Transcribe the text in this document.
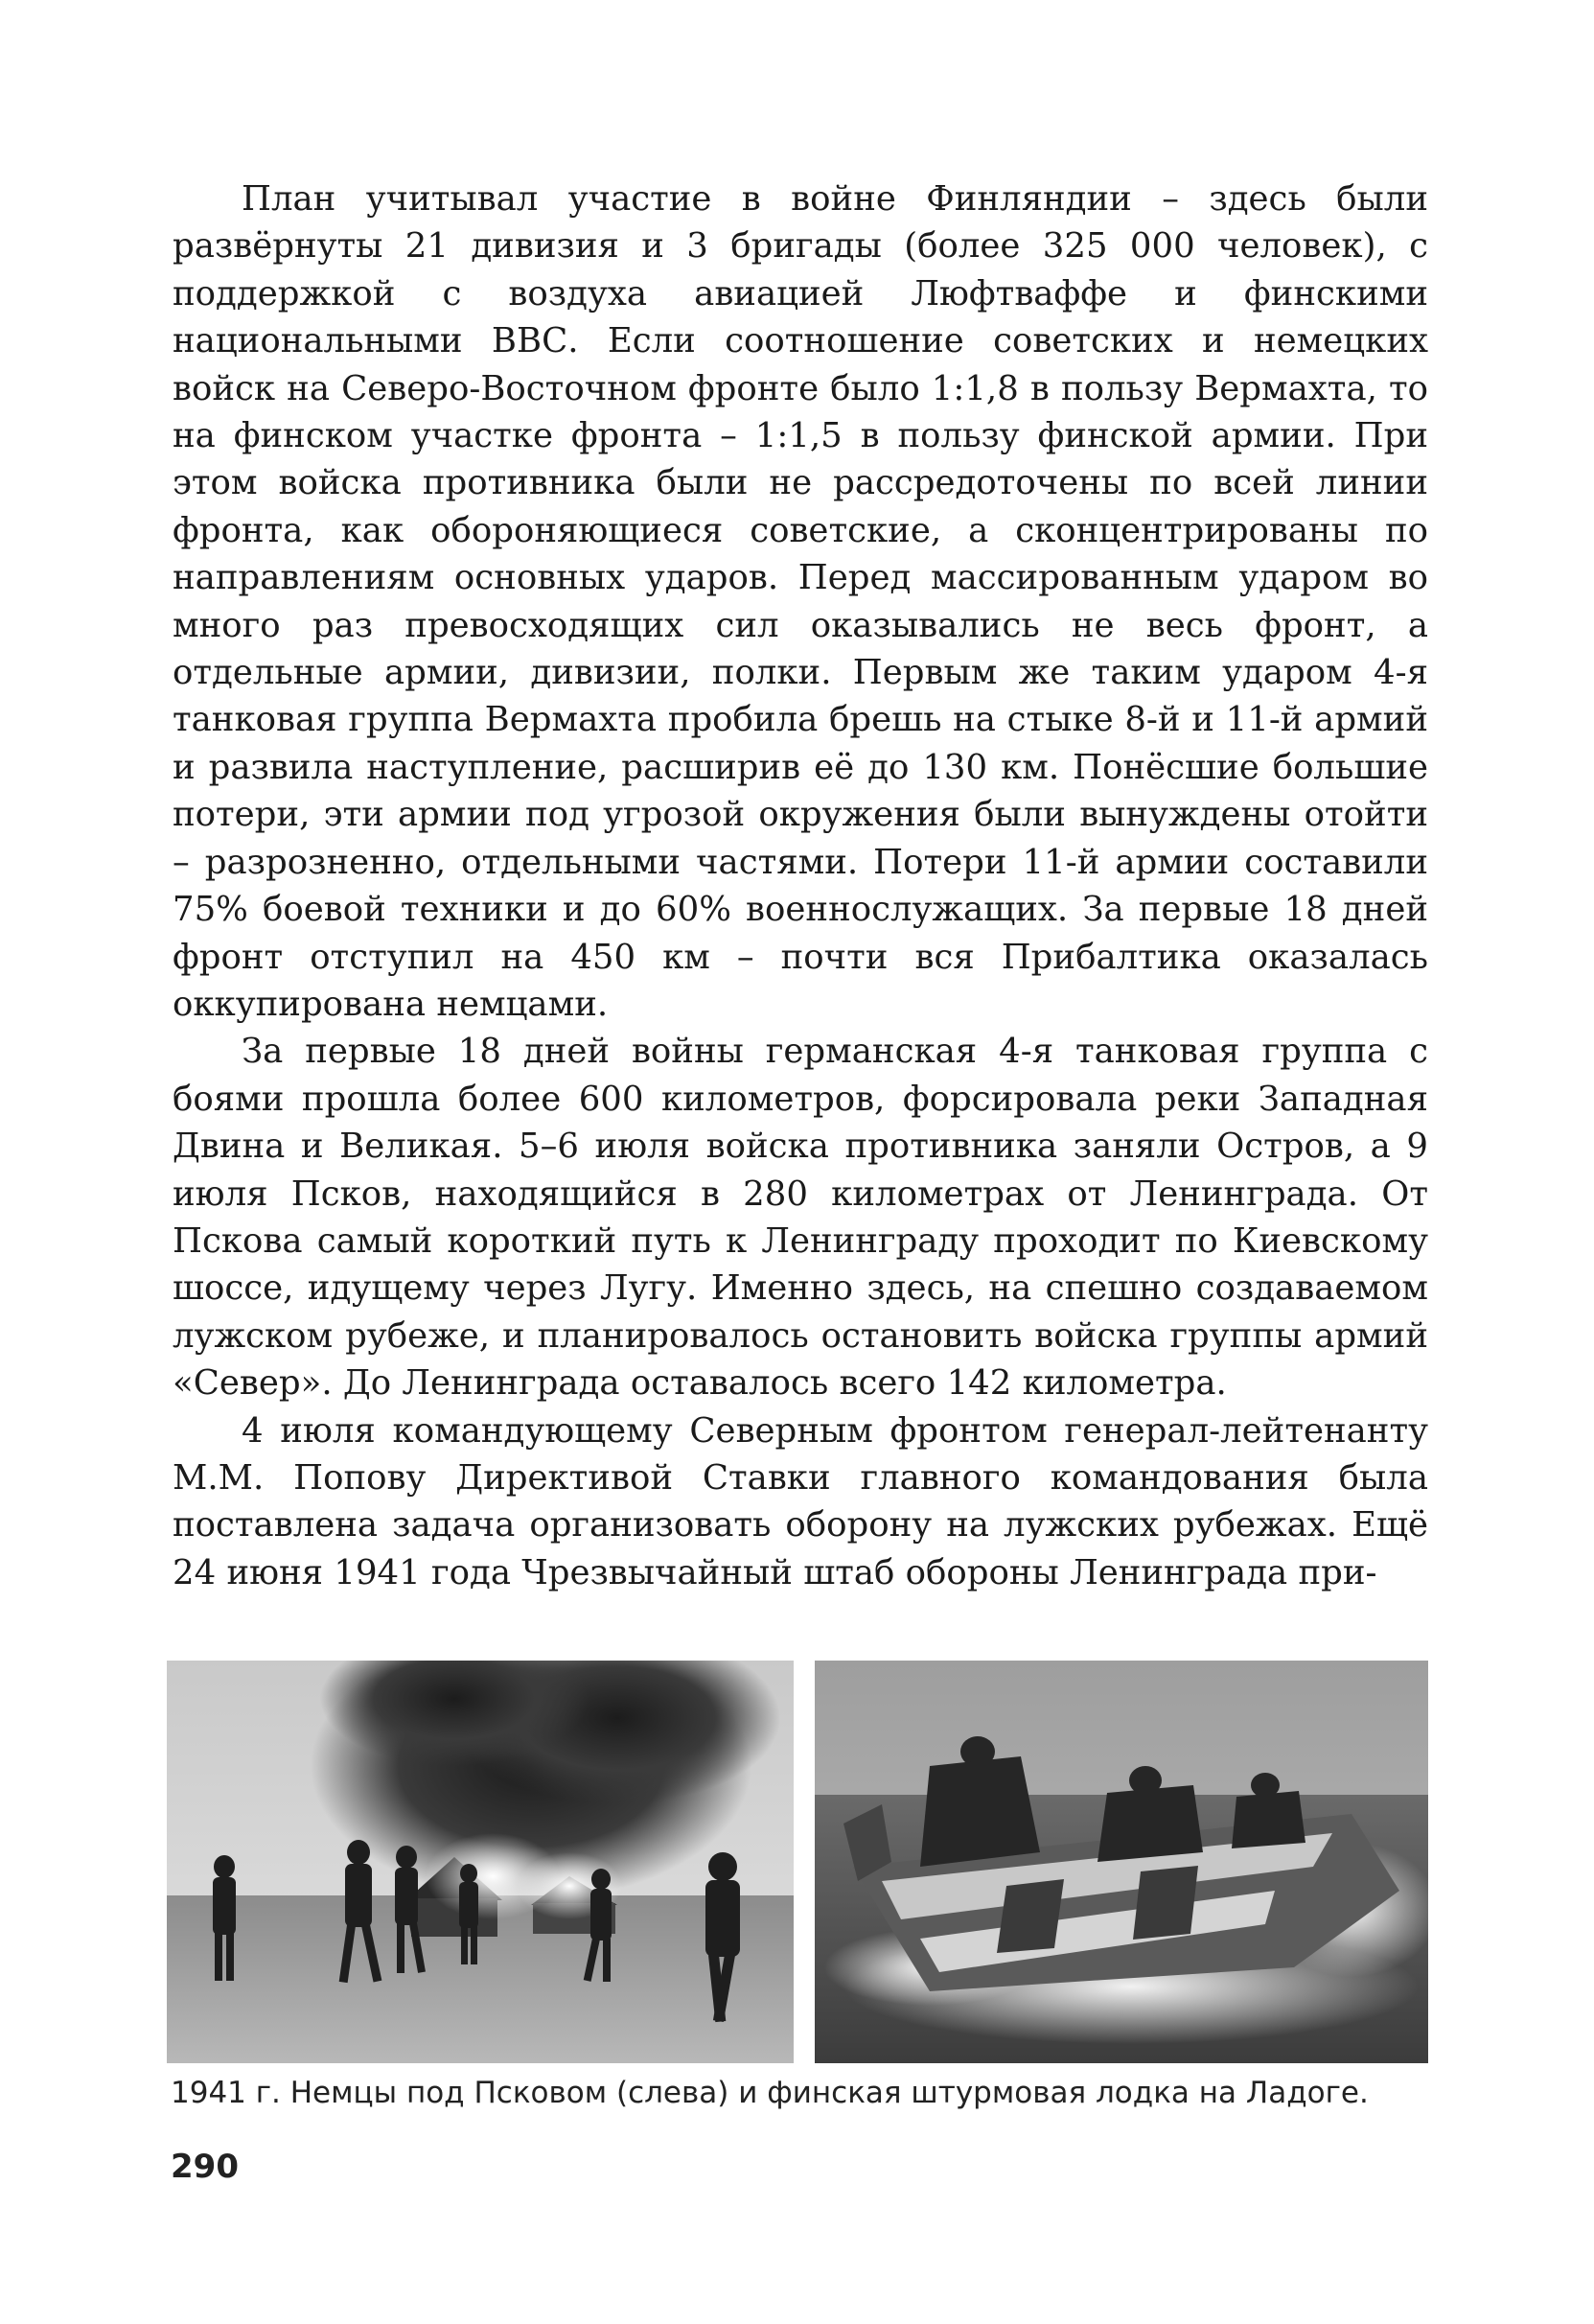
План учитывал участие в войне Финляндии – здесь были развёрнуты 21 дивизия и 3 бригады (более 325 000 человек), с поддержкой с воздуха авиацией Люфтваффе и финскими национальными ВВС. Если соотношение советских и немецких войск на Северо-Восточном фронте было 1:1,8 в пользу Вермахта, то на финском участке фронта – 1:1,5 в пользу финской армии. При этом войска противника были не рассредоточены по всей линии фронта, как обороняющиеся советские, а сконцентрированы по направлениям основных ударов. Перед массированным ударом во много раз превосходящих сил оказывались не весь фронт, а отдельные армии, дивизии, полки. Первым же таким ударом 4-я танковая группа Вермахта пробила брешь на стыке 8-й и 11-й армий и развила наступление, расширив её до 130 км. Понёсшие большие потери, эти армии под угрозой окружения были вынуждены отойти – разрозненно, отдельными частями. Потери 11-й армии составили 75% боевой техники и до 60% военнослужащих. За первые 18 дней фронт отступил на 450 км – почти вся Прибалтика оказалась оккупирована немцами.

За первые 18 дней войны германская 4-я танковая группа с боями прошла более 600 километров, форсировала реки Западная Двина и Великая. 5–6 июля войска противника заняли Остров, а 9 июля Псков, находящийся в 280 километрах от Ленинграда. От Пскова самый короткий путь к Ленинграду проходит по Киевскому шоссе, идущему через Лугу. Именно здесь, на спешно создаваемом лужском рубеже, и планировалось остановить войска группы армий «Север». До Ленинграда оставалось всего 142 километра.

4 июля командующему Северным фронтом генерал-лейтенанту М.М. Попову Директивой Ставки главного командования была поставлена задача организовать оборону на лужских рубежах. Ещё 24 июня 1941 года Чрезвычайный штаб обороны Ленинграда при-

1941 г. Немцы под Псковом (слева) и финская штурмовая лодка на Ладоге.
290
